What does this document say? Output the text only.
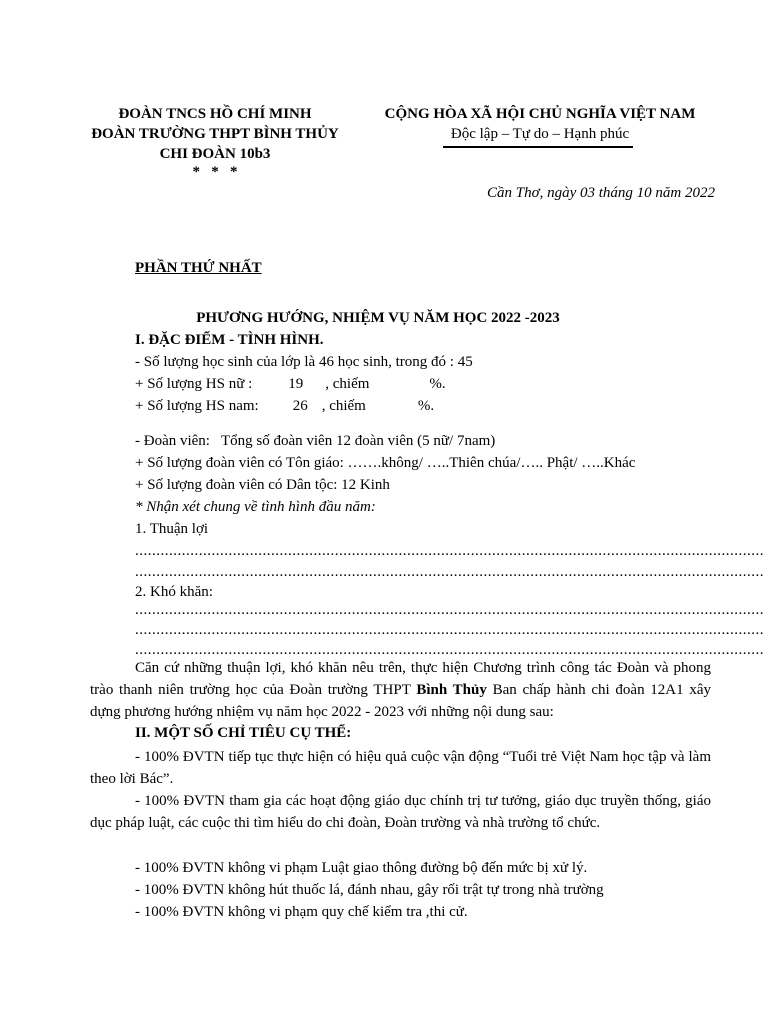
ĐOÀN TNCS HỒ CHÍ MINH
ĐOÀN TRƯỜNG THPT BÌNH THỦY
CHI ĐOÀN 10b3
*   *   *
CỘNG HÒA XÃ HỘI CHỦ NGHĨA VIỆT NAM
Độc lập – Tự do – Hạnh phúc
Cần Thơ, ngày 03 tháng 10 năm 2022
PHẦN THỨ NHẤT
PHƯƠNG HƯỚNG, NHIỆM VỤ NĂM HỌC 2022 -2023
I. ĐẶC ĐIỂM - TÌNH HÌNH.
- Số lượng học sinh của lớp là 46 học sinh, trong đó : 45
+ Số lượng HS nữ : 19 , chiếm	%.
+ Số lượng HS nam: 26 , chiếm	%.
- Đoàn viên:   Tổng số đoàn viên 12 đoàn viên (5 nữ/ 7nam)
+ Số lượng đoàn viên có Tôn giáo: …….không/ …..Thiên chúa/….. Phật/ …..Khác
+ Số lượng đoàn viên có Dân tộc: 12 Kinh
* Nhận xét chung về tình hình đầu năm:
1. Thuận lợi
....................................................................................................................................................
....................................................................................................................................................
2. Khó khăn:
....................................................................................................................................................
....................................................................................................................................................
....................................................................................................................................................
Căn cứ những thuận lợi, khó khăn nêu trên, thực hiện Chương trình công tác Đoàn và phong trào thanh niên trường học của Đoàn trường THPT Bình Thủy Ban chấp hành chi đoàn 12A1 xây dựng phương hướng nhiệm vụ năm học 2022 - 2023 với những nội dung sau:
II. MỘT SỐ CHỈ TIÊU CỤ THỂ:
- 100% ĐVTN tiếp tục thực hiện có hiệu quả cuộc vận động “Tuổi trẻ Việt Nam học tập và làm theo lời Bác”.
- 100% ĐVTN tham gia các hoạt động giáo dục chính trị tư tưởng, giáo dục truyền thống, giáo dục pháp luật, các cuộc thi tìm hiểu do chi đoàn, Đoàn trường và nhà trường tổ chức.
- 100% ĐVTN không vi phạm Luật giao thông đường bộ đến mức bị xử lý.
- 100% ĐVTN không hút thuốc lá, đánh nhau, gây rối trật tự trong nhà trường
- 100% ĐVTN không vi phạm quy chế kiểm tra ,thi cử.
